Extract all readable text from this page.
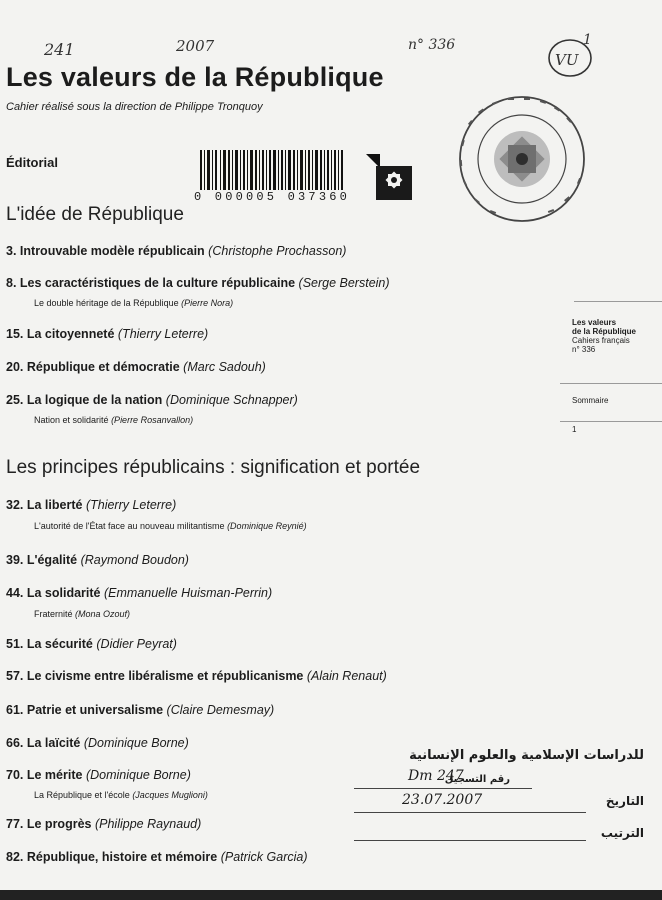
241	2007	n° 336
VU
1
Les valeurs de la République
Cahier réalisé sous la direction de Philippe Tronquoy
Éditorial
0 000005 037360
L'idée de République
3. Introuvable modèle républicain (Christophe Prochasson)
8. Les caractéristiques de la culture républicaine (Serge Berstein)
Le double héritage de la République (Pierre Nora)
15. La citoyenneté (Thierry Leterre)
20. République et démocratie (Marc Sadouh)
25. La logique de la nation (Dominique Schnapper)
Nation et solidarité (Pierre Rosanvallon)
Les principes républicains : signification et portée
32. La liberté (Thierry Leterre)
L'autorité de l'État face au nouveau militantisme (Dominique Reynié)
39. L'égalité (Raymond Boudon)
44. La solidarité (Emmanuelle Huisman-Perrin)
Fraternité (Mona Ozouf)
51. La sécurité (Didier Peyrat)
57. Le civisme entre libéralisme et républicanisme (Alain Renaut)
61. Patrie et universalisme (Claire Demesmay)
66. La laïcité (Dominique Borne)
70. Le mérite (Dominique Borne)
La République et l'école (Jacques Muglioni)
77. Le progrès (Philippe Raynaud)
82. République, histoire et mémoire (Patrick Garcia)
Les valeurs
de la République
Cahiers français
n° 336
Sommaire
1
للدراسات الإسلامية والعلوم الإنسانية
رقم التسجيل
Dm 247
التاريخ
23.07.2007
الترتيب
